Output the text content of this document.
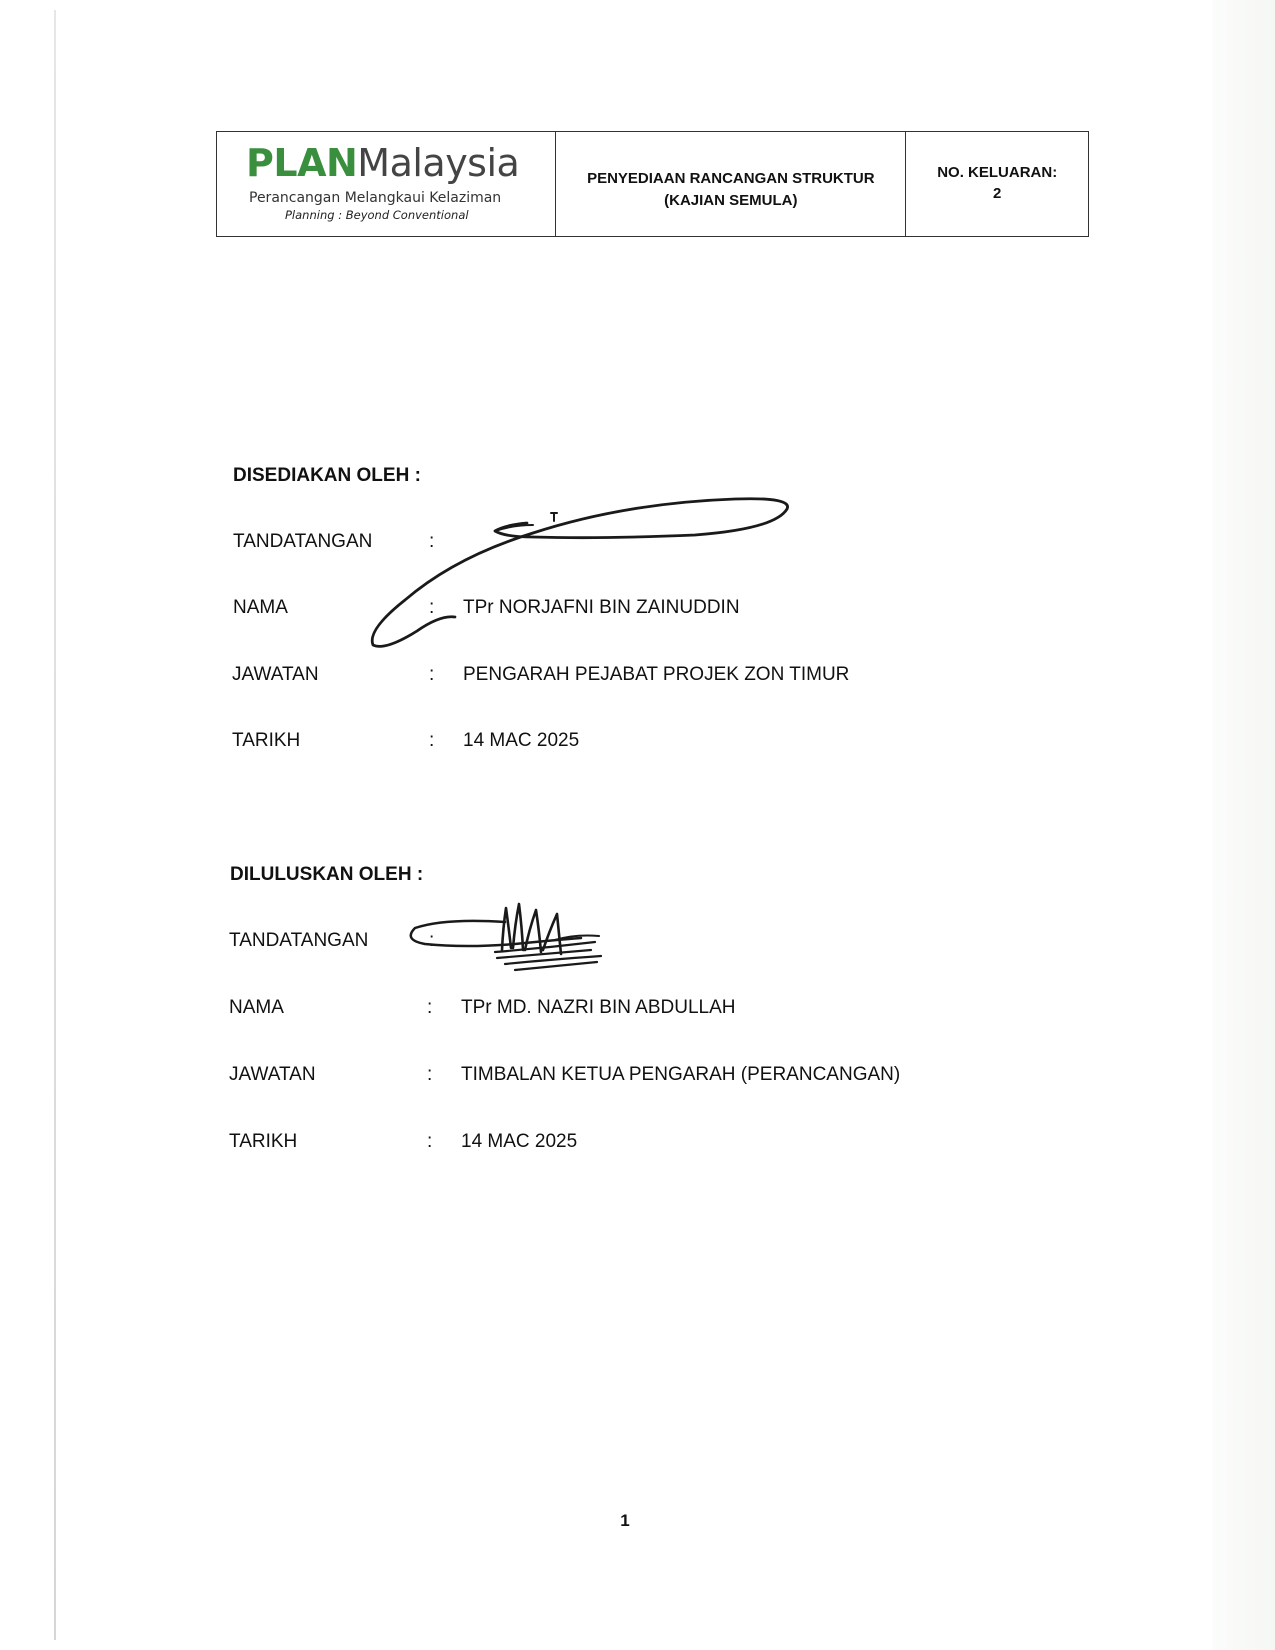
PLANMalaysia
Perancangan Melangkaui Kelaziman
Planning : Beyond Conventional
PENYEDIAAN RANCANGAN STRUKTUR
(KAJIAN SEMULA)
NO. KELUARAN:
2
DISEDIAKAN OLEH :
TANDATANGAN	:
NAMA	: TPr NORJAFNI BIN ZAINUDDIN
JAWATAN	: PENGARAH PEJABAT PROJEK ZON TIMUR
TARIKH	: 14 MAC 2025
DILULUSKAN OLEH :
TANDATANGAN	:
NAMA	: TPr MD. NAZRI BIN ABDULLAH
JAWATAN	: TIMBALAN KETUA PENGARAH (PERANCANGAN)
TARIKH	: 14 MAC 2025
1
